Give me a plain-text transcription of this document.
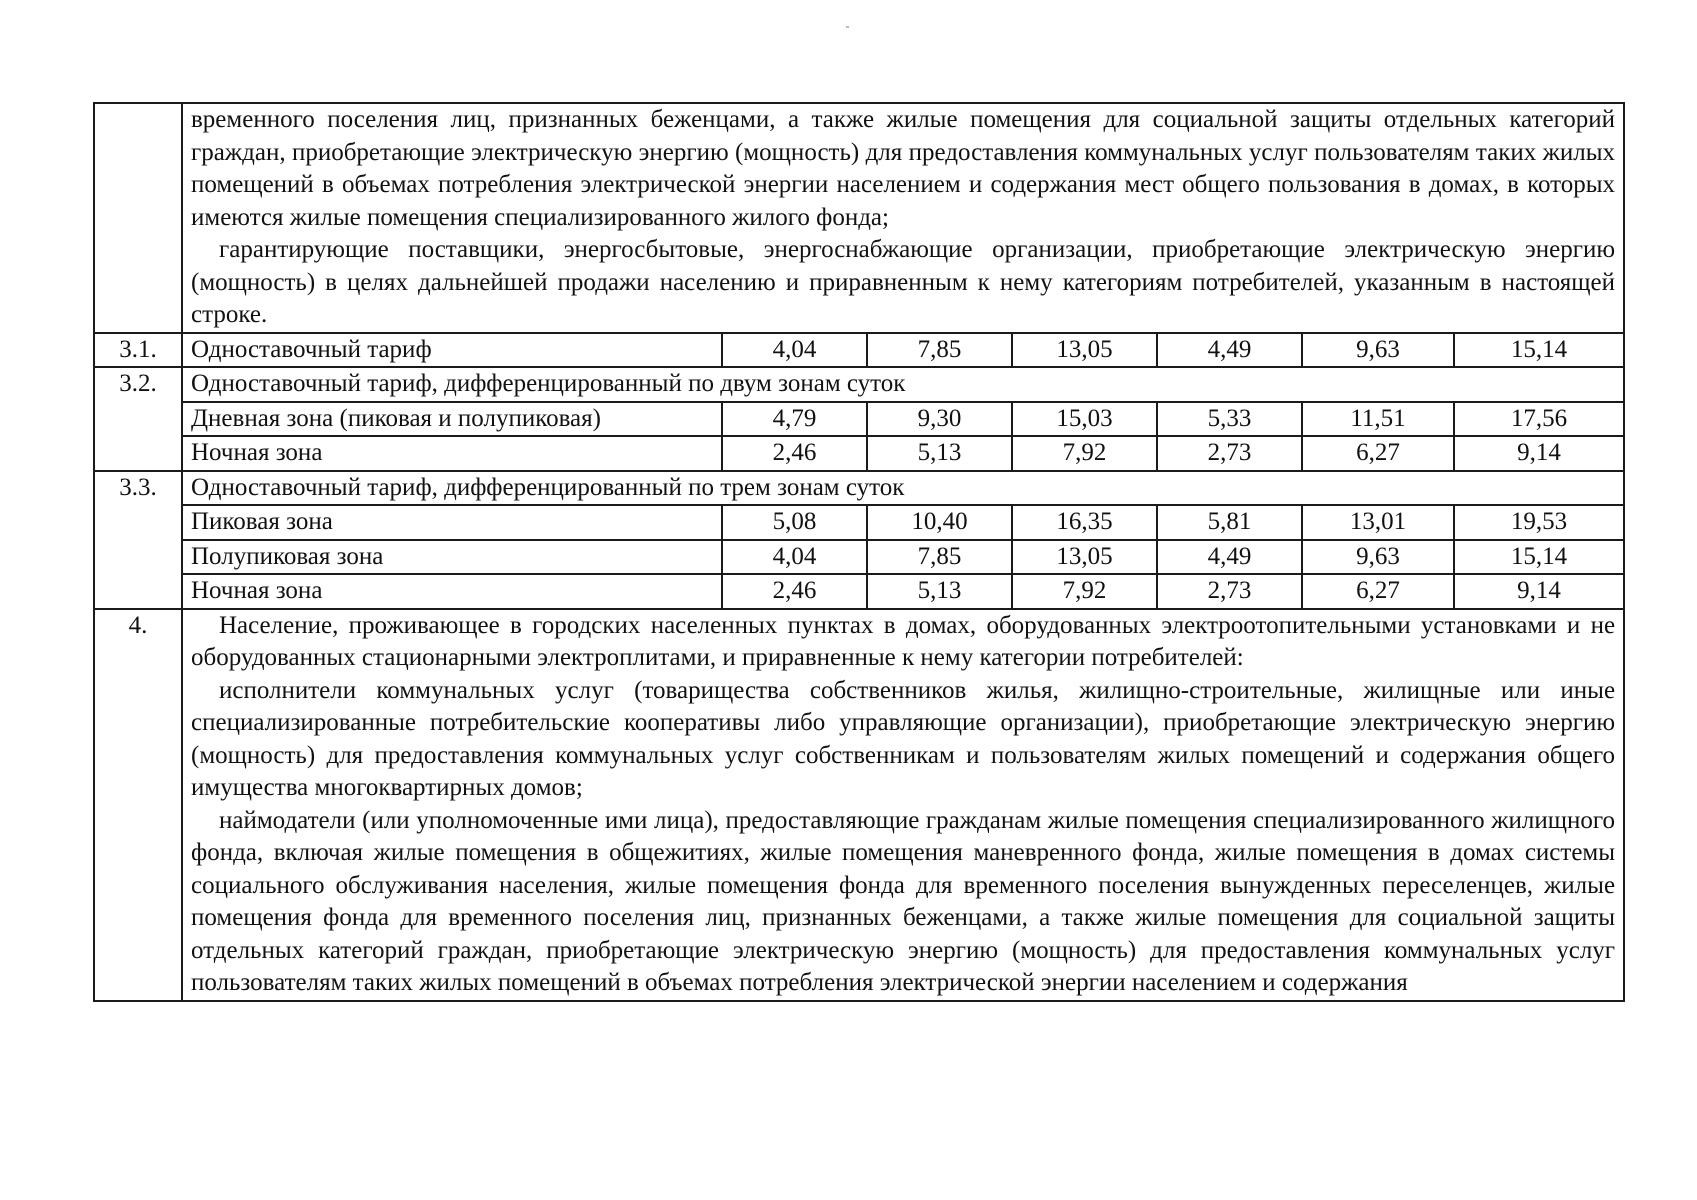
	временного поселения лиц, признанных беженцами, а также жилые помещения для социальной защиты отдельных категорий граждан, приобретающие электрическую энергию (мощность) для предоставления коммунальных услуг пользователям таких жилых помещений в объемах потребления электрической энергии населением и содержания мест общего пользования в домах, в которых имеются жилые помещения специализированного жилого фонда;

гарантирующие поставщики, энергосбытовые, энергоснабжающие организации, приобретающие электрическую энергию (мощность) в целях дальнейшей продажи населению и приравненным к нему категориям потребителей, указанным в настоящей строке.						

3.1.	Одноставочный тариф	4,04	7,85	13,05	4,49	9,63	15,14
3.2.	Одноставочный тариф, дифференцированный по двум зонам суток						
	Дневная зона (пиковая и полупиковая)	4,79	9,30	15,03	5,33	11,51	17,56
	Ночная зона	2,46	5,13	7,92	2,73	6,27	9,14
3.3.	Одноставочный тариф, дифференцированный по трем зонам суток						
	Пиковая зона	5,08	10,40	16,35	5,81	13,01	19,53
	Полупиковая зона	4,04	7,85	13,05	4,49	9,63	15,14
	Ночная зона	2,46	5,13	7,92	2,73	6,27	9,14
4.	Население, проживающее в городских населенных пунктах в домах, оборудованных электроотопительными установками и не оборудованных стационарными электроплитами, и приравненные к нему категории потребителей:

исполнители коммунальных услуг (товарищества собственников жилья, жилищно-строительные, жилищные или иные специализированные потребительские кооперативы либо управляющие организации), приобретающие электрическую энергию (мощность) для предоставления коммунальных услуг собственникам и пользователям жилых помещений и содержания общего имущества многоквартирных домов;

наймодатели (или уполномоченные ими лица), предоставляющие гражданам жилые помещения специализированного жилищного фонда, включая жилые помещения в общежитиях, жилые помещения маневренного фонда, жилые помещения в домах системы социального обслуживания населения, жилые помещения фонда для временного поселения вынужденных переселенцев, жилые помещения фонда для временного поселения лиц, признанных беженцами, а также жилые помещения для социальной защиты отдельных категорий граждан, приобретающие электрическую энергию (мощность) для предоставления коммунальных услуг пользователям таких жилых помещений в объемах потребления электрической энергии населением и содержания						
